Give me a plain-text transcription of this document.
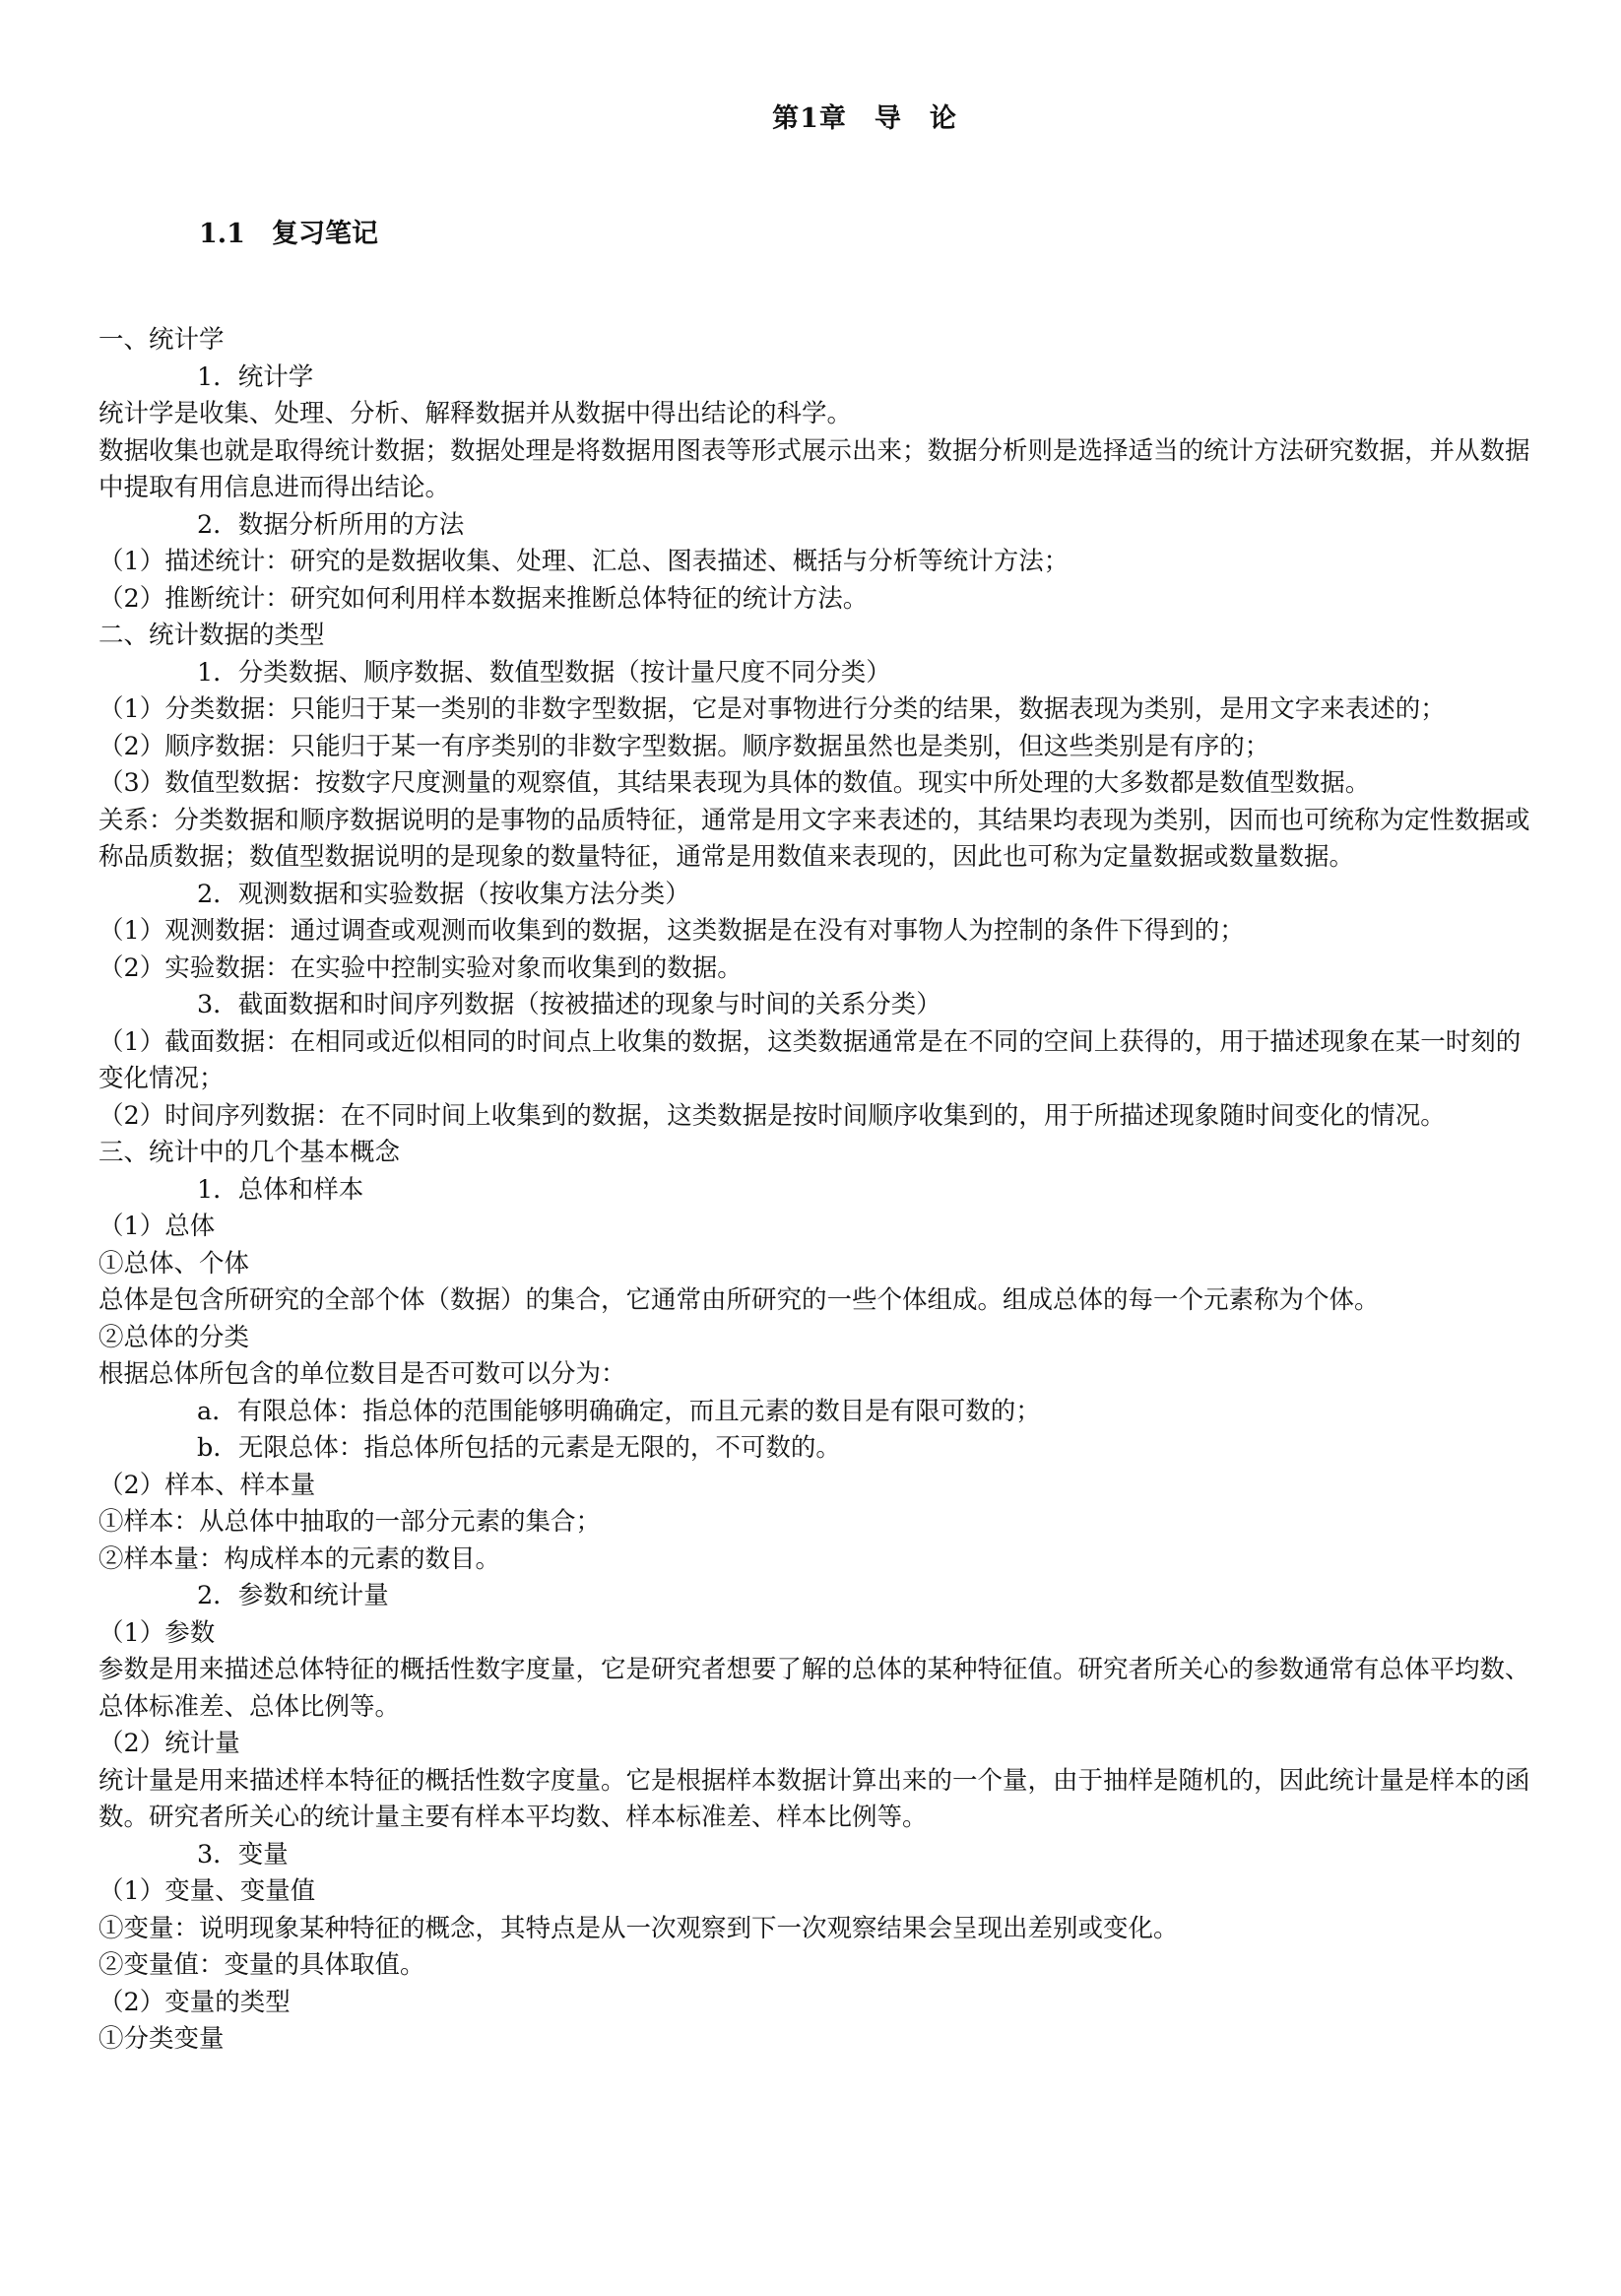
第1章　导　论
1.1　复习笔记
一、统计学
1．统计学
统计学是收集、处理、分析、解释数据并从数据中得出结论的科学。
数据收集也就是取得统计数据；数据处理是将数据用图表等形式展示出来；数据分析则是选择适当的统计方法研究数据，并从数据中提取有用信息进而得出结论。
2．数据分析所用的方法
（1）描述统计：研究的是数据收集、处理、汇总、图表描述、概括与分析等统计方法；
（2）推断统计：研究如何利用样本数据来推断总体特征的统计方法。
二、统计数据的类型
1．分类数据、顺序数据、数值型数据（按计量尺度不同分类）
（1）分类数据：只能归于某一类别的非数字型数据，它是对事物进行分类的结果，数据表现为类别，是用文字来表述的；
（2）顺序数据：只能归于某一有序类别的非数字型数据。顺序数据虽然也是类别，但这些类别是有序的；
（3）数值型数据：按数字尺度测量的观察值，其结果表现为具体的数值。现实中所处理的大多数都是数值型数据。
关系：分类数据和顺序数据说明的是事物的品质特征，通常是用文字来表述的，其结果均表现为类别，因而也可统称为定性数据或称品质数据；数值型数据说明的是现象的数量特征，通常是用数值来表现的，因此也可称为定量数据或数量数据。
2．观测数据和实验数据（按收集方法分类）
（1）观测数据：通过调查或观测而收集到的数据，这类数据是在没有对事物人为控制的条件下得到的；
（2）实验数据：在实验中控制实验对象而收集到的数据。
3．截面数据和时间序列数据（按被描述的现象与时间的关系分类）
（1）截面数据：在相同或近似相同的时间点上收集的数据，这类数据通常是在不同的空间上获得的，用于描述现象在某一时刻的变化情况；
（2）时间序列数据：在不同时间上收集到的数据，这类数据是按时间顺序收集到的，用于所描述现象随时间变化的情况。
三、统计中的几个基本概念
1．总体和样本
（1）总体
①总体、个体
总体是包含所研究的全部个体（数据）的集合，它通常由所研究的一些个体组成。组成总体的每一个元素称为个体。
②总体的分类
根据总体所包含的单位数目是否可数可以分为：
a．有限总体：指总体的范围能够明确确定，而且元素的数目是有限可数的；
b．无限总体：指总体所包括的元素是无限的，不可数的。
（2）样本、样本量
①样本：从总体中抽取的一部分元素的集合；
②样本量：构成样本的元素的数目。
2．参数和统计量
（1）参数
参数是用来描述总体特征的概括性数字度量，它是研究者想要了解的总体的某种特征值。研究者所关心的参数通常有总体平均数、总体标准差、总体比例等。
（2）统计量
统计量是用来描述样本特征的概括性数字度量。它是根据样本数据计算出来的一个量，由于抽样是随机的，因此统计量是样本的函数。研究者所关心的统计量主要有样本平均数、样本标准差、样本比例等。
3．变量
（1）变量、变量值
①变量：说明现象某种特征的概念，其特点是从一次观察到下一次观察结果会呈现出差别或变化。
②变量值：变量的具体取值。
（2）变量的类型
①分类变量
